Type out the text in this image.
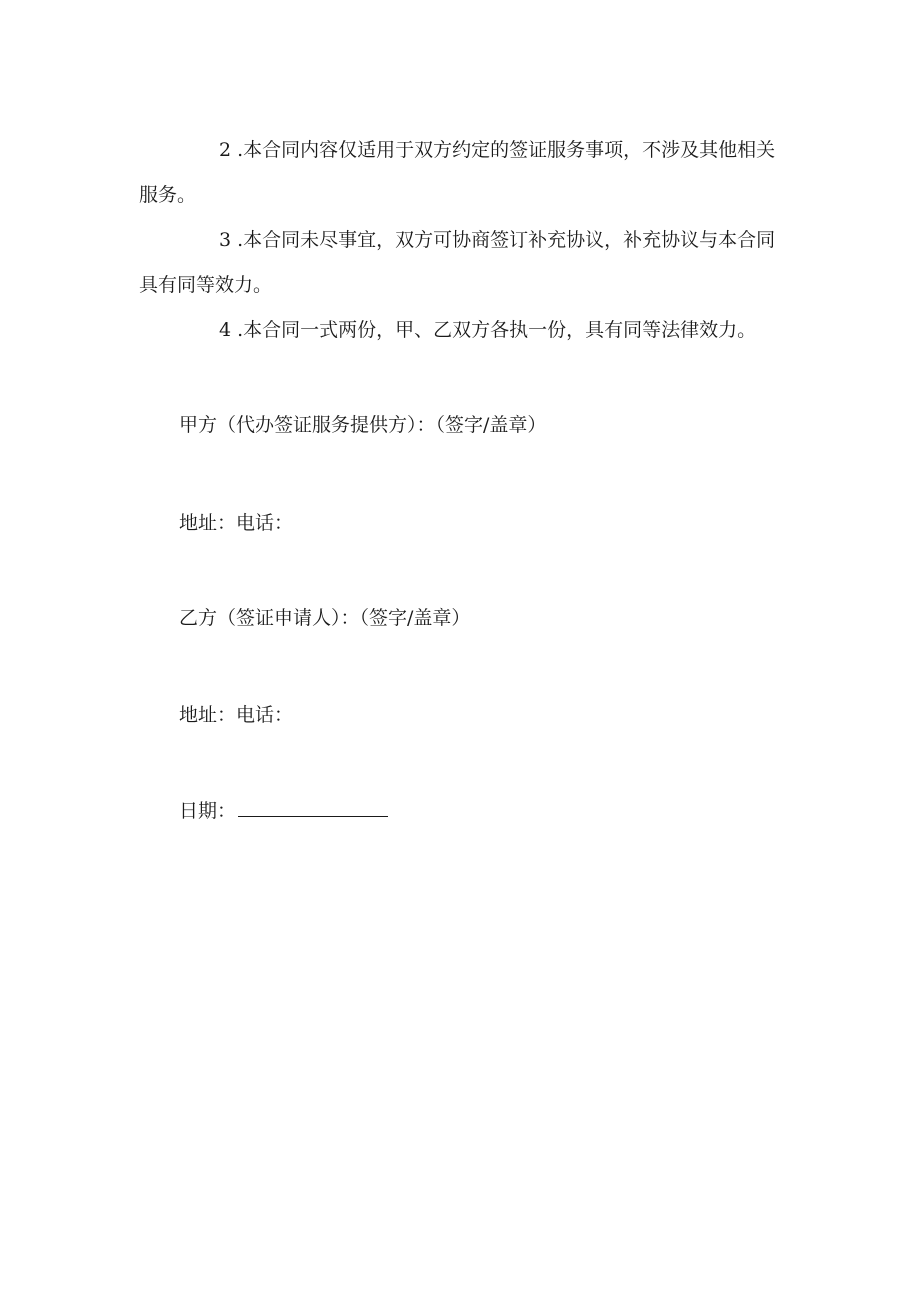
2 .本合同内容仅适用于双方约定的签证服务事项，不涉及其他相关服务。

3 .本合同未尽事宜，双方可协商签订补充协议，补充协议与本合同具有同等效力。

4 .本合同一式两份，甲、乙双方各执一份，具有同等法律效力。

甲方（代办签证服务提供方）：（签字/盖章）

地址：电话：

乙方（签证申请人）：（签字/盖章）

地址：电话：

日期：
